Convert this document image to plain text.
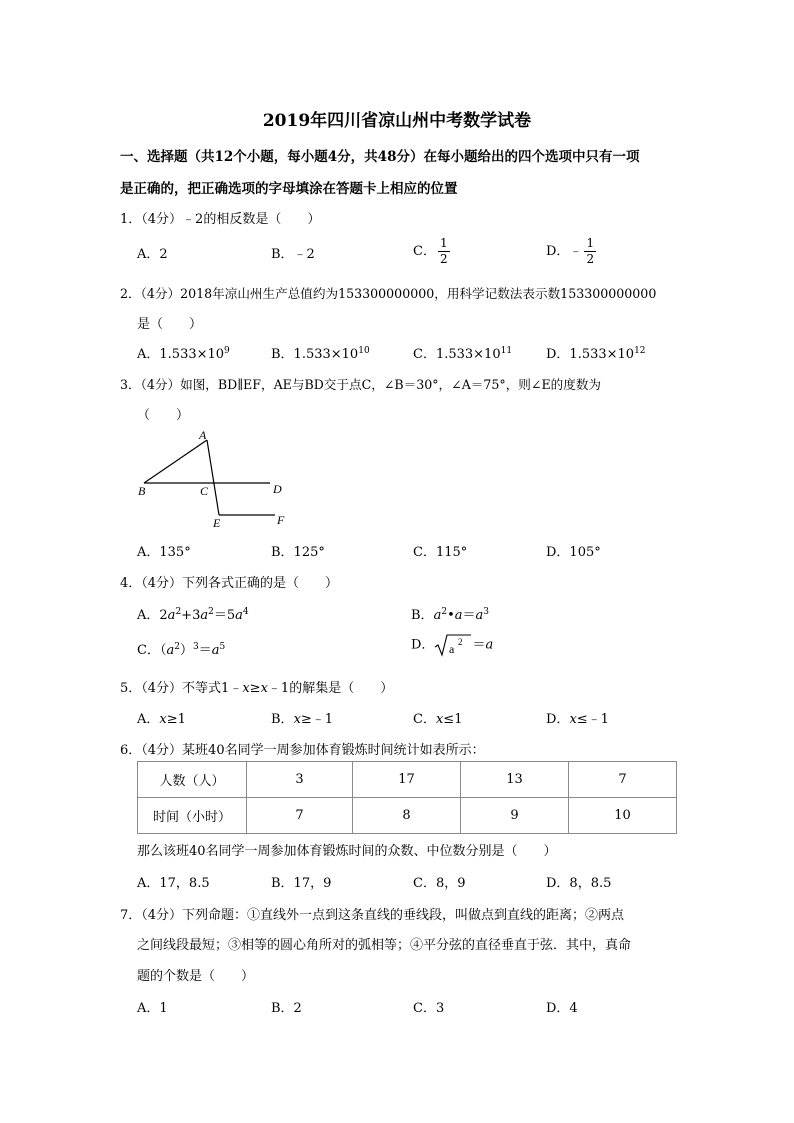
2019年四川省凉山州中考数学试卷
一、选择题（共12个小题，每小题4分，共48分）在每小题给出的四个选项中只有一项
是正确的，把正确选项的字母填涂在答题卡上相应的位置
1．（4分）﹣2的相反数是（　　）
A．2	B．﹣2	C． $\frac{1}{2}$	D．﹣ $\frac{1}{2}$
2．（4分）2018年凉山州生产总值约为153300000000，用科学记数法表示数153300000000
是（　　）
A．$1.533\times 10^9$	B．$1.533\times 10^{10}$	C．$1.533\times 10^{11}$	D．$1.533\times 10^{12}$
3．（4分）如图，BD∥EF，AE与BD交于点C，∠B＝30°，∠A＝75°，则∠E的度数为
（　　）
A
B	C	D
E	F
A．135°	B．125°	C．115°	D．105°
4．（4分）下列各式正确的是（　　）
A．$2a^2+3a^2=5a^4$	B．$a^2•a=a^3$
C．$(a^2)^3=a^5$	D． a 2 ＝a
5．（4分）不等式1﹣x≥x﹣1的解集是（　　）
A．x≥1	B．x≥﹣1	C．x≤1	D．x≤﹣1
6．（4分）某班40名同学一周参加体育锻炼时间统计如表所示：
人数（人）	3	17	13	7
时间（小时）	7	8	9	10
那么该班40名同学一周参加体育锻炼时间的众数、中位数分别是（　　）
A．17，8.5	B．17，9	C．8，9	D．8，8.5
7．（4分）下列命题：①直线外一点到这条直线的垂线段，叫做点到直线的距离；②两点
之间线段最短；③相等的圆心角所对的弧相等；④平分弦的直径垂直于弦．其中，真命
题的个数是（　　）
A．1	B．2	C．3	D．4
